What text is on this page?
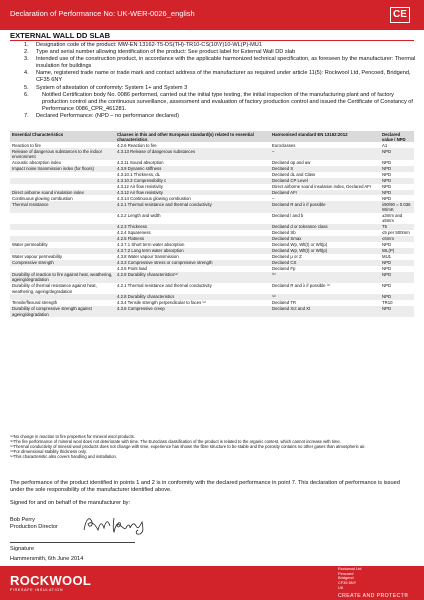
Declaration of Performance No: UK-WER-0026_english	CE
EXTERNAL WALL DD SLAB
1. Designation code of the product: MW-EN 13162-T5-DS(TH)-TR10-CS(10\Y)10-WL(P)-MU1
2. Type and serial number allowing identification of the product: See product label for External Wall DD slab
3. Intended use of the construction product, in accordance with the applicable harmonized technical specification, as foreseen by the manufacturer: Thermal insulation for buildings
4. Name, registered trade name or trade mark and contact address of the manufacturer as required under article 11(5): Rockwool Ltd, Pencoed, Bridgend, CF35 6NY
5. System of attestation of conformity: System 1+ and System 3
6. Notified Certification body No. 0086 performed, carried out the initial type testing, the initial inspection of the manufacturing plant and of factory production control and the continuous surveillance, assessment and evaluation of factory production control and issued the Certificate of Constancy of Performance 0086_CPR_461281.
7. Declared Performance: (NPD – no performance declared)
Essential Characteristics	Clauses in this and other European standard(s) related to essential characteristics	Harmonised standard EN 13162:2012	Declared value / NPD
Reaction to fire	4.2.6 Reaction to fire	Euroclasses	A1
Release of dangerous substances to the indoor environment	4.3.13 Release of dangerous substances	–	NPD
Acoustic absorption index	4.3.11 Sound absorption	Declared αp and αw	NPD
Impact noise transmission index (for floors)	4.3.9 Dynamic stiffness	Declared S	NPD
	4.3.10.1 Thickness, dL	Declared dL and Class	NPD
	4.3.10.3 Compressibility c	Declared CP Level	NPD
	4.3.12 Air flow resistivity	Direct airborne sound insulation index, Declared AFr	NPD
Direct airborne sound insulation index	4.3.12 Air flow resistivity	Declared AFr	NPD
Continuous glowing combustion	4.3.14 Continuous glowing combustion	–	NPD
Thermal resistance	4.2.1 Thermal resistance and thermal conductivity	Declared R and λ if possible	λ90/90 = 0.036 W/mK
	4.2.2 Length and width	Declared l and b	±3mm and ±5mm
	4.2.3 Thickness	Declared d or tolerance class	T5
	4.2.4 Squareness	Declared Sb	≤5 per 500mm
	4.2.5 Flatness	Declared Smax	≤6mm
Water permeability	4.3.7.1 Short term water absorption	Declared Wp, Wlt(I) or Wlt(p)	NPD
	4.3.7.2 Long term water absorption	Declared Wp, Wlt(I) or Wlt(p)	WL(P)
Water vapour permeability	4.3.8 Water vapour transmission	Declared μ or Z	MU1
Compressive strength	4.3.3 Compressive stress or compressive strength	Declared CS	NPD
	4.3.5 Point load	Declared Fp	NPD
Durability of reaction to fire against heat, weathering, ageing/degradation	4.2.8 Durability characteristics⁽ᵃ⁾	⁽ᵇ⁾	NPD
Durability of thermal resistance against heat, weathering, ageing/degradation	4.2.1 Thermal resistance and thermal conductivity	Declared R and λ if possible ⁽ᶜ⁾	NPD
	4.2.8 Durability characteristics	⁽ᵈ⁾	NPD
Tensile/flexural strength	4.3.4 Tensile strength perpendicular to faces ⁽ᵉ⁾	Declared TR	TR10
Durability of compressive strength against ageing/degradation	4.3.6 Compressive creep	Declared Xct and Xt	NPD
⁽ᵃ⁾No change in reaction to fire properties for mineral wool products.
⁽ᵇ⁾The fire performance of mineral wool does not deteriorate with time. The Euroclass classification of the product is related to the organic content, which cannot increase with time.
⁽ᶜ⁾Thermal conductivity of mineral wool products does not change with time, experience has shown the fibre structure to be stable and the porosity contains no other gases than atmospheric air.
⁽ᵈ⁾For dimensional stability thickness only.
⁽ᵉ⁾This characteristic also covers handling and installation.
The performance of the product identified in points 1 and 2 is in conformity with the declared performance in point 7. This declaration of performance is issued under the sole responsibility of the manufacturer identified above.
Signed for and on behalf of the manufacturer by:
Bob Perry
Production Director
Signature
Hammersmith, 6th June 2014
ROCKWOOL
FIRESAFE INSULATION
Rockwool Ltd
Pencoed
Bridgend
CF35 6NY
UK
CREATE AND PROTECT®
